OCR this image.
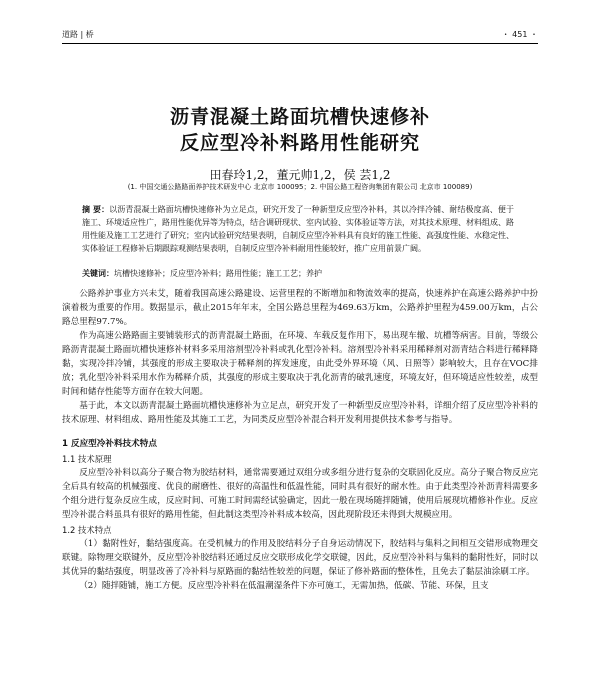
道路 | 桥	・ 451 ・
沥青混凝土路面坑槽快速修补
反应型冷补料路用性能研究
田春玲1,2，董元帅1,2，侯 芸1,2
(1. 中国交通公路路面养护技术研发中心 北京市 100095；2. 中国公路工程咨询集团有限公司 北京市 100089)
摘 要：以沥青混凝土路面坑槽快速修补为立足点，研究开发了一种新型反应型冷补料，其以冷拌冷铺、耐结极度高、便于施工、环境适应性广，路用性能优异等为特点，结合调研现状、室内试验、实体验证等方法，对其技术原理、材料组成、路用性能及施工工艺进行了研究；室内试验研究结果表明，自制反应型冷补料具有良好的施工性能、高强度性能、水稳定性、实体验证工程修补后期跟踪观测结果表明，自制反应型冷补料耐用性能较好，推广应用前景广阔。
关键词：坑槽快速修补；反应型冷补料；路用性能；施工工艺；养护

公路养护事业方兴未艾，随着我国高速公路建设、运营里程的不断增加和物流效率的提高，快速养护在高速公路养护中扮演着极为重要的作用。数据显示，截止2015年年末，全国公路总里程为469.63万km，公路养护里程为459.00万km，占公路总里程97.7%。

作为高速公路路面主要铺装形式的沥青混凝土路面，在环境、车载反复作用下，易出现车辙、坑槽等病害。目前，等级公路沥青混凝土路面坑槽快速修补材料多采用溶剂型冷补料或乳化型冷补料。溶剂型冷补料采用稀释剂对沥青结合料进行稀释降黏，实现冷拌冷铺，其强度的形成主要取决于稀释剂的挥发速度，由此受外界环境（风、日照等）影响较大，且存在VOC排放；乳化型冷补料采用水作为稀释介质，其强度的形成主要取决于乳化沥青的破乳速度，环境友好，但环境适应性较差，成型时间和储存性能等方面存在较大问题。

基于此，本文以沥青混凝土路面坑槽快速修补为立足点，研究开发了一种新型反应型冷补料，详细介绍了反应型冷补料的技术原理、材料组成、路用性能及其施工工艺，为同类反应型冷补混合料开发利用提供技术参考与指导。

1 反应型冷补料技术特点
1.1 技术原理

反应型冷补料以高分子聚合物为胶结材料，通常需要通过双组分或多组分进行复杂的交联固化反应。高分子聚合物反应完全后具有较高的机械强度、优良的耐磨性、很好的高温性和低温性能，同时具有很好的耐水性。由于此类型冷补沥青料需要多个组分进行复杂反应生成，反应时间、可施工时间需经试验确定，因此一般在现场随拌随铺，使用后展现坑槽修补作业。反应型冷补混合料虽具有很好的路用性能，但此制这类型冷补料成本较高，因此现阶段还未得到大规模应用。

1.2 技术特点

（1）黏附性好，黏结强度高。在受机械力的作用及胶结料分子自身运动情况下，胶结料与集料之间相互交错形成物理交联键。除物理交联键外，反应型冷补胶结料还通过反应交联形成化学交联键，因此，反应型冷补料与集料的黏附性好，同时以其优异的黏结强度，明显改善了冷补料与原路面的黏结性较差的问题，保证了修补路面的整体性，且免去了黏层油涂刷工序。

（2）随拌随铺，施工方便。反应型冷补料在低温潮湿条件下亦可施工，无需加热，低碳、节能、环保，且支
